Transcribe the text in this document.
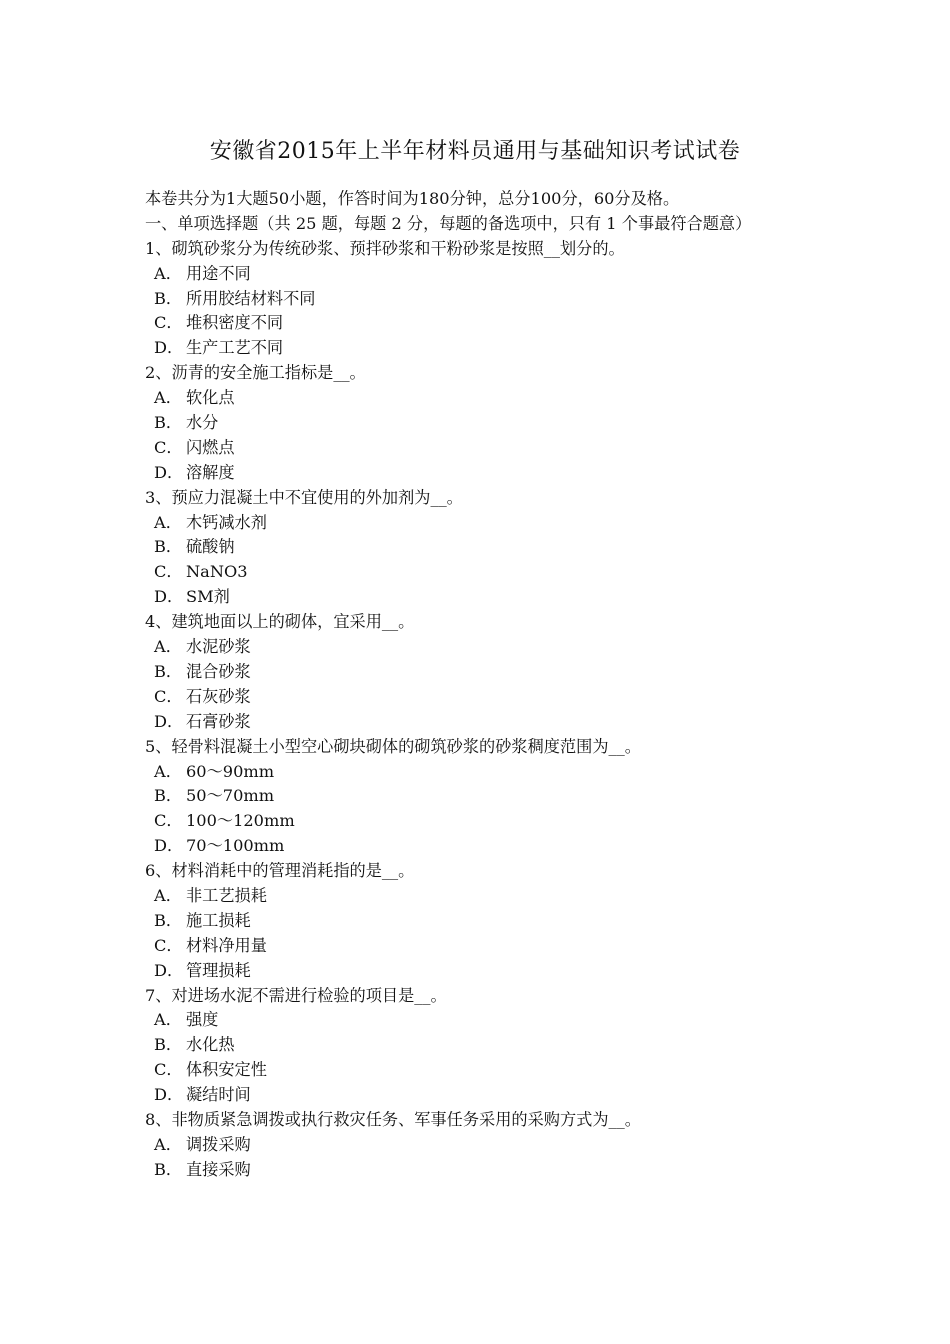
安徽省2015年上半年材料员通用与基础知识考试试卷
本卷共分为1大题50小题，作答时间为180分钟，总分100分，60分及格。
一、单项选择题（共 25 题，每题 2 分，每题的备选项中，只有 1 个事最符合题意）
1、砌筑砂浆分为传统砂浆、预拌砂浆和干粉砂浆是按照__划分的。
A． 用途不同
B． 所用胶结材料不同
C． 堆积密度不同
D． 生产工艺不同
2、沥青的安全施工指标是__。
A． 软化点
B． 水分
C． 闪燃点
D． 溶解度
3、预应力混凝土中不宜使用的外加剂为__。
A． 木钙减水剂
B． 硫酸钠
C． NaNO3
D． SM剂
4、建筑地面以上的砌体，宜采用__。
A． 水泥砂浆
B． 混合砂浆
C． 石灰砂浆
D． 石膏砂浆
5、轻骨料混凝土小型空心砌块砌体的砌筑砂浆的砂浆稠度范围为__。
A． 60～90mm
B． 50～70mm
C． 100～120mm
D． 70～100mm
6、材料消耗中的管理消耗指的是__。
A． 非工艺损耗
B． 施工损耗
C． 材料净用量
D． 管理损耗
7、对进场水泥不需进行检验的项目是__。
A． 强度
B． 水化热
C． 体积安定性
D． 凝结时间
8、非物质紧急调拨或执行救灾任务、军事任务采用的采购方式为__。
A． 调拨采购
B． 直接采购
